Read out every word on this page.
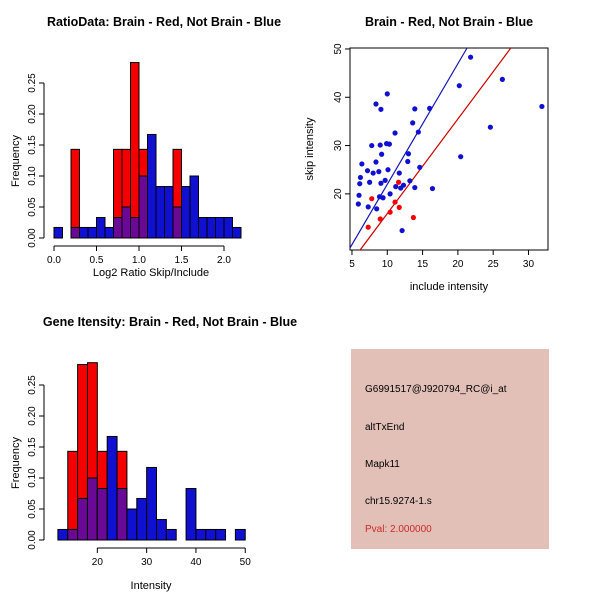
0.0	0.5	1.0	1.5	2.0
0.00
0.05
0.10
0.15
0.20
0.25
5	10 15 20 25 30
20
30
40
50
20	30	40	50
0.00
0.05
0.10
0.15
0.20
0.25
RatioData: Brain - Red, Not Brain - Blue	Brain - Red, Not Brain - Blue
Gene Itensity: Brain - Red, Not Brain - Blue
Log2 Ratio Skip/Include
include intensity
Intensity
Frequency	skip intensity
Frequency
G6991517@J920794_RC@i_at
altTxEnd
Mapk11
chr15.9274-1.s
Pval: 2.000000
